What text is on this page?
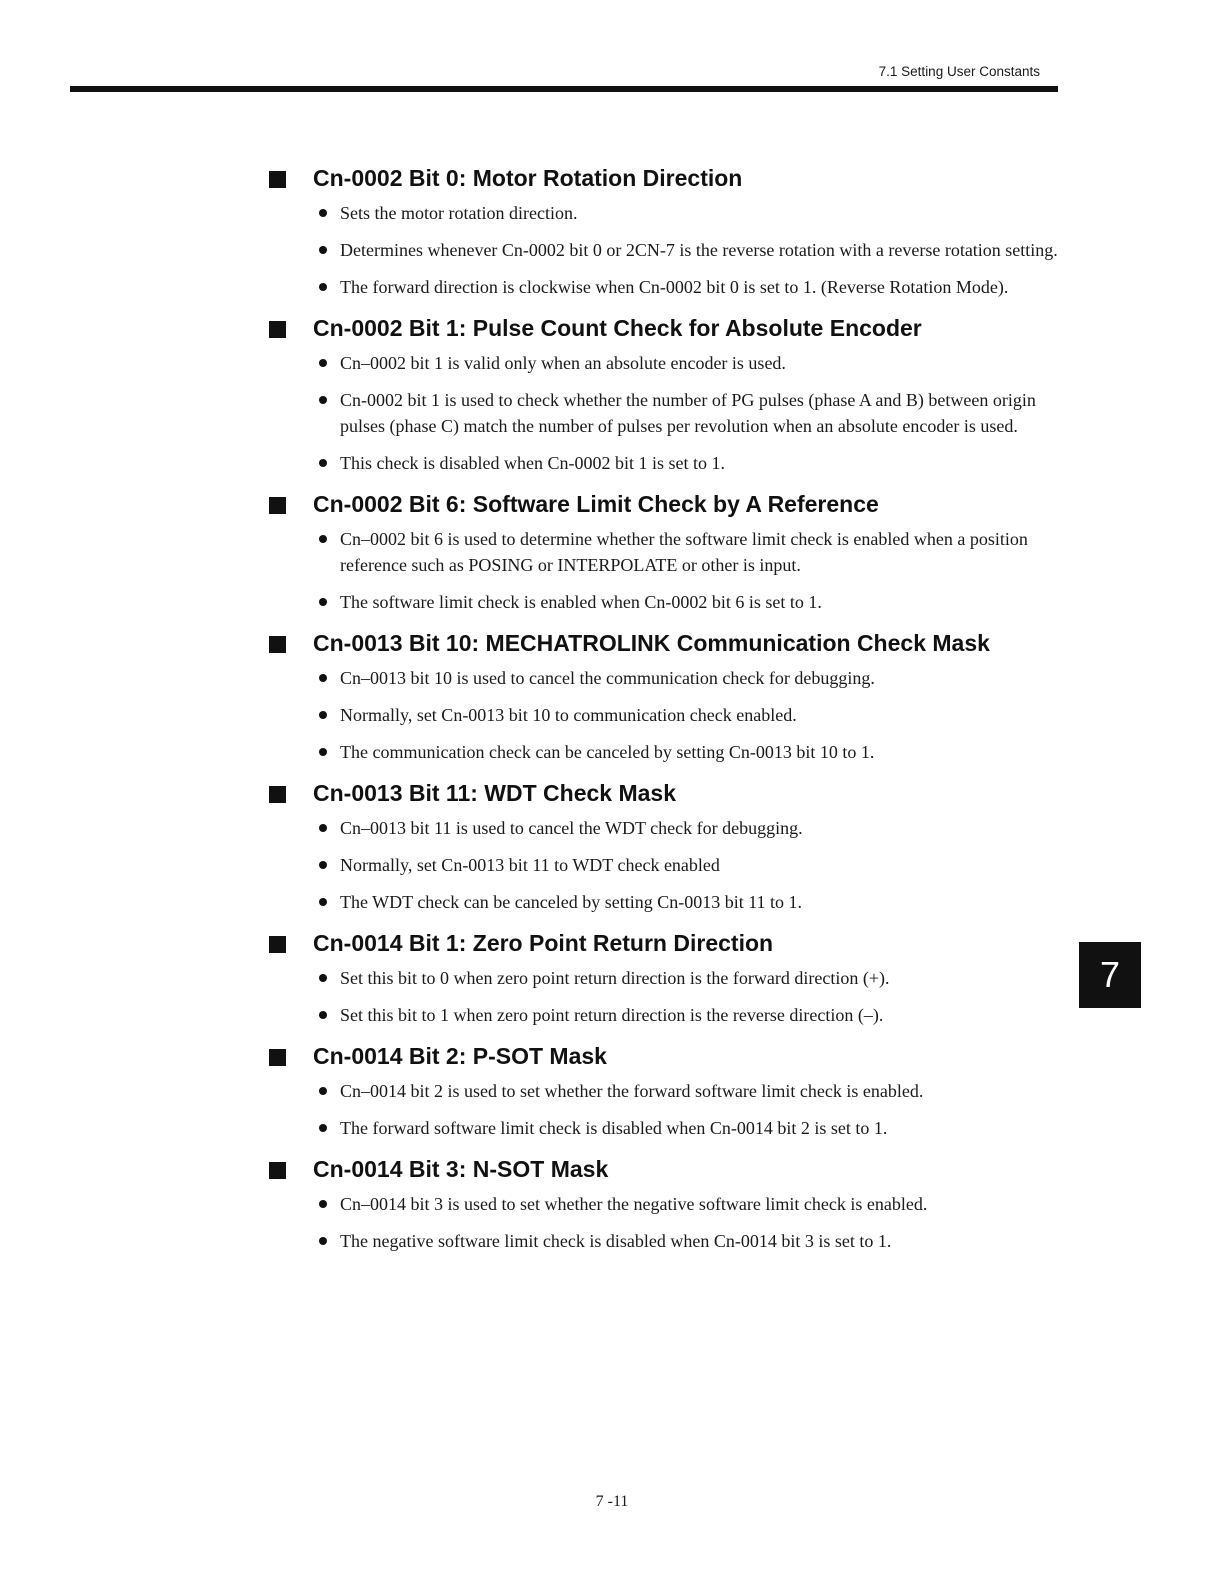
7.1 Setting User Constants
Cn-0002 Bit 0: Motor Rotation Direction
Sets the motor rotation direction.
Determines whenever Cn-0002 bit 0 or 2CN-7 is the reverse rotation with a reverse rotation setting.
The forward direction is clockwise when Cn-0002 bit 0 is set to 1. (Reverse Rotation Mode).
Cn-0002 Bit 1: Pulse Count Check for Absolute Encoder
Cn–0002 bit 1 is valid only when an absolute encoder is used.
Cn-0002 bit 1 is used to check whether the number of PG pulses (phase A and B) between origin pulses (phase C) match the number of pulses per revolution when an absolute encoder is used.
This check is disabled when Cn-0002 bit 1 is set to 1.
Cn-0002 Bit 6: Software Limit Check by A Reference
Cn–0002 bit 6 is used to determine whether the software limit check is enabled when a position reference such as POSING or INTERPOLATE or other is input.
The software limit check is enabled when Cn-0002 bit 6 is set to 1.
Cn-0013 Bit 10: MECHATROLINK Communication Check Mask
Cn–0013 bit 10 is used to cancel the communication check for debugging.
Normally, set Cn-0013 bit 10 to communication check enabled.
The communication check can be canceled by setting Cn-0013 bit 10 to 1.
Cn-0013 Bit 11: WDT Check Mask
Cn–0013 bit 11 is used to cancel the WDT check for debugging.
Normally, set Cn-0013 bit 11 to WDT check enabled
The WDT check can be canceled by setting Cn-0013 bit 11 to 1.
Cn-0014 Bit 1: Zero Point Return Direction
Set this bit to 0 when zero point return direction is the forward direction (+).
Set this bit to 1 when zero point return direction is the reverse direction (–).
Cn-0014 Bit 2: P-SOT Mask
Cn–0014 bit 2 is used to set whether the forward software limit check is enabled.
The forward software limit check is disabled when Cn-0014 bit 2 is set to 1.
Cn-0014 Bit 3: N-SOT Mask
Cn–0014 bit 3 is used to set whether the negative software limit check is enabled.
The negative software limit check is disabled when Cn-0014 bit 3 is set to 1.
7
7 -11
